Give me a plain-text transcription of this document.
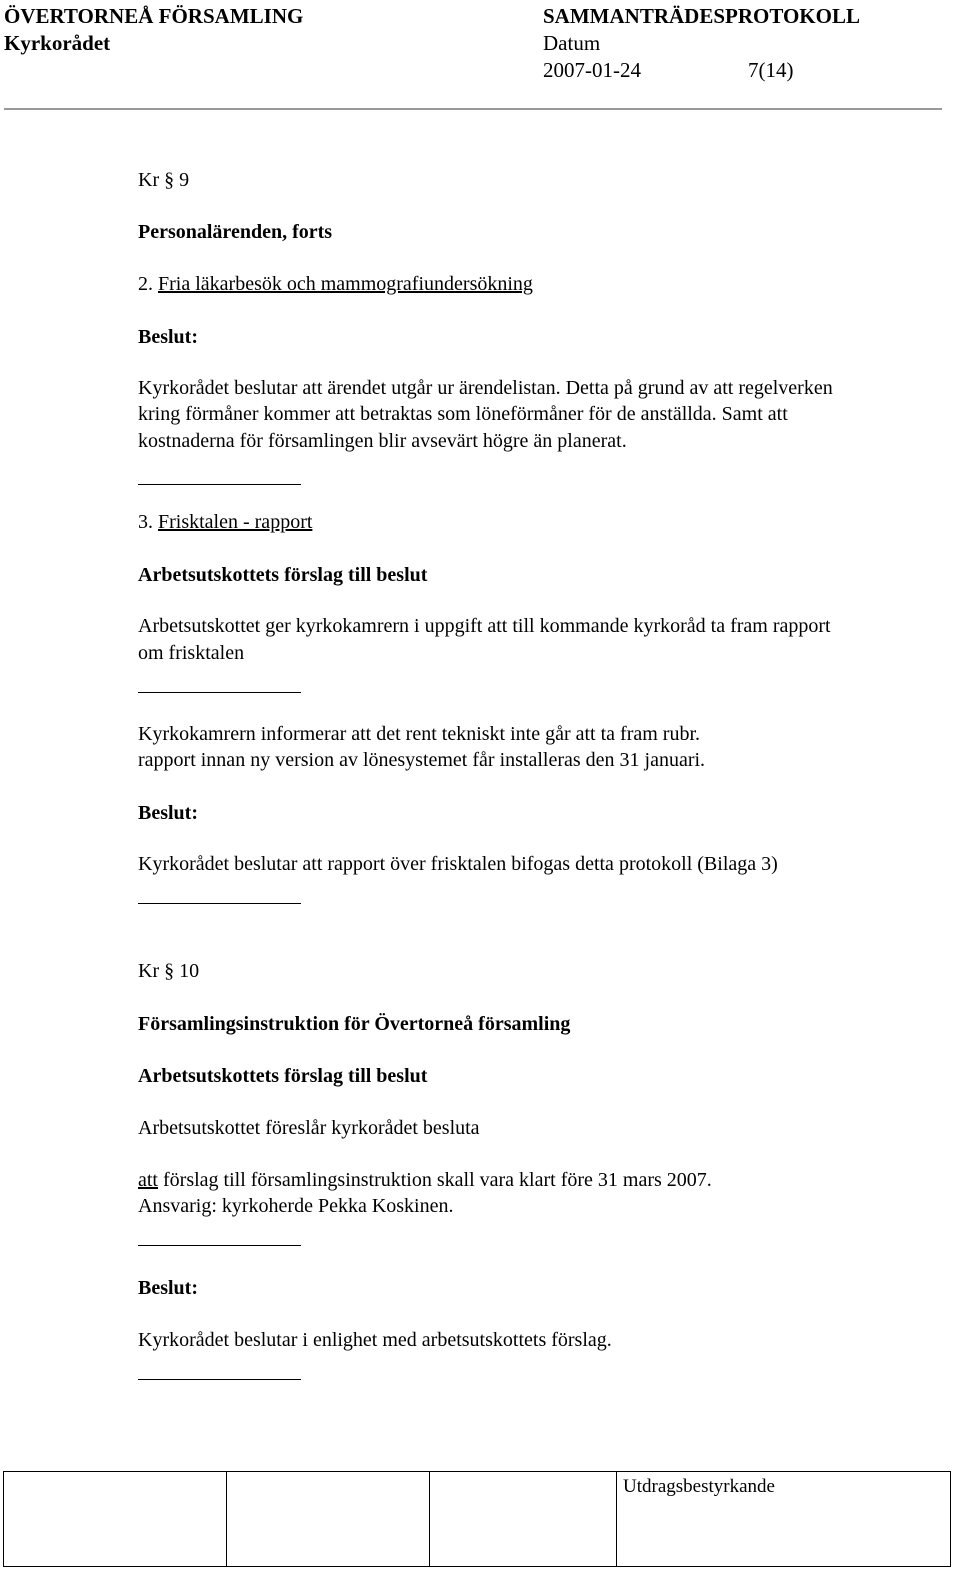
ÖVERTORNEÅ FÖRSAMLING
Kyrkorådet
SAMMANTRÄDESPROTOKOLL
Datum
2007-01-24	7(14)
Kr § 9
Personalärenden, forts
2. Fria läkarbesök och mammografiundersökning
Beslut:
Kyrkorådet beslutar att ärendet utgår ur ärendelistan. Detta på grund av att regelverken
kring förmåner kommer att betraktas som löneförmåner för de anställda. Samt att
kostnaderna för församlingen blir avsevärt högre än planerat.
3. Frisktalen - rapport
Arbetsutskottets förslag till beslut
Arbetsutskottet ger kyrkokamrern i uppgift att till kommande kyrkoråd ta fram rapport
om frisktalen
Kyrkokamrern informerar att det rent tekniskt inte går att ta fram rubr.
rapport innan ny version av lönesystemet får installeras den 31 januari.
Beslut:
Kyrkorådet beslutar att rapport över frisktalen bifogas detta protokoll (Bilaga 3)
Kr § 10
Församlingsinstruktion för Övertorneå församling
Arbetsutskottets förslag till beslut
Arbetsutskottet föreslår kyrkorådet besluta
att förslag till församlingsinstruktion skall vara klart före 31 mars 2007.
Ansvarig: kyrkoherde Pekka Koskinen.
Beslut:
Kyrkorådet beslutar i enlighet med arbetsutskottets förslag.

Utdragsbestyrkande
